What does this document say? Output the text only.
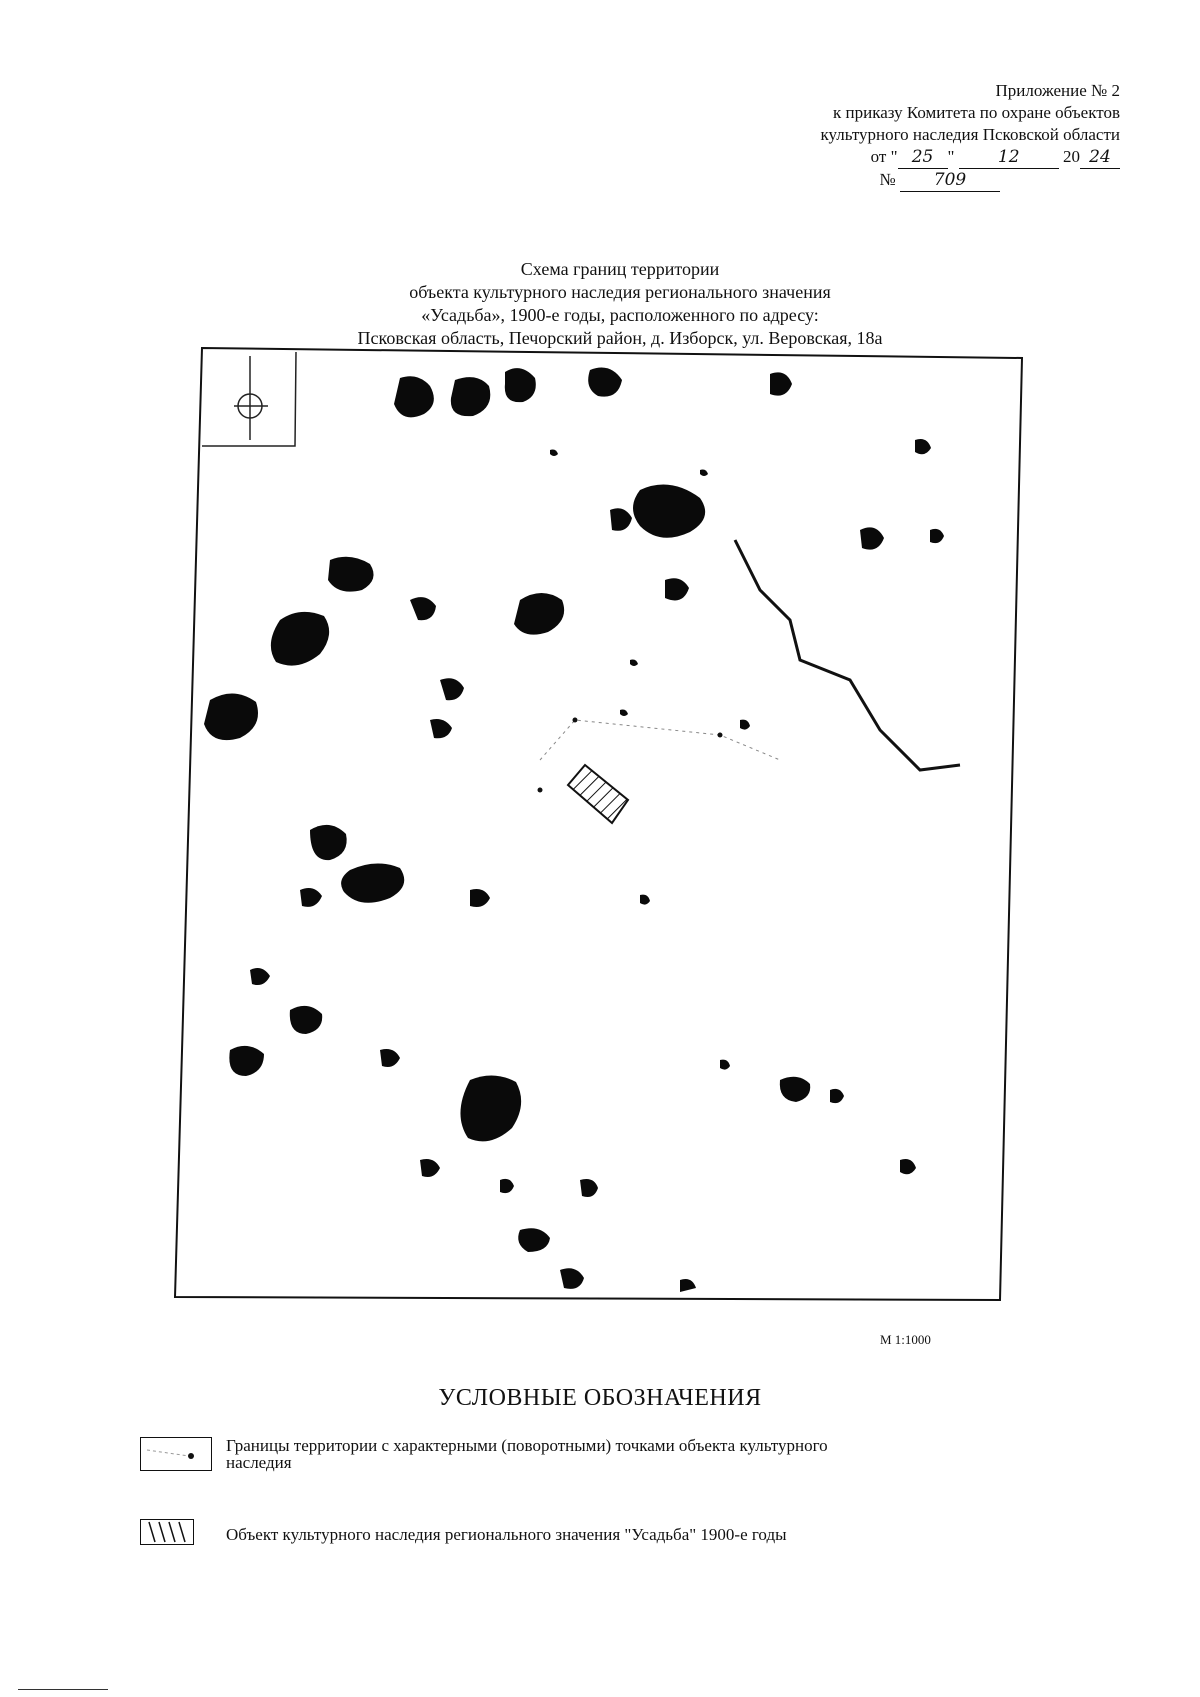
Приложение № 2
к приказу Комитета по охране объектов
культурного наследия Псковской области
от " 25 "	12	20 24
№ 709
Схема границ территории
объекта культурного наследия регионального значения
«Усадьба», 1900-е годы, расположенного по адресу:
Псковская область, Печорский район, д. Изборск, ул. Веровская, 18а
М 1:1000
УСЛОВНЫЕ ОБОЗНАЧЕНИЯ
Границы территории с характерными (поворотными) точками объекта культурного
наследия
Объект культурного наследия регионального значения "Усадьба" 1900-е годы
